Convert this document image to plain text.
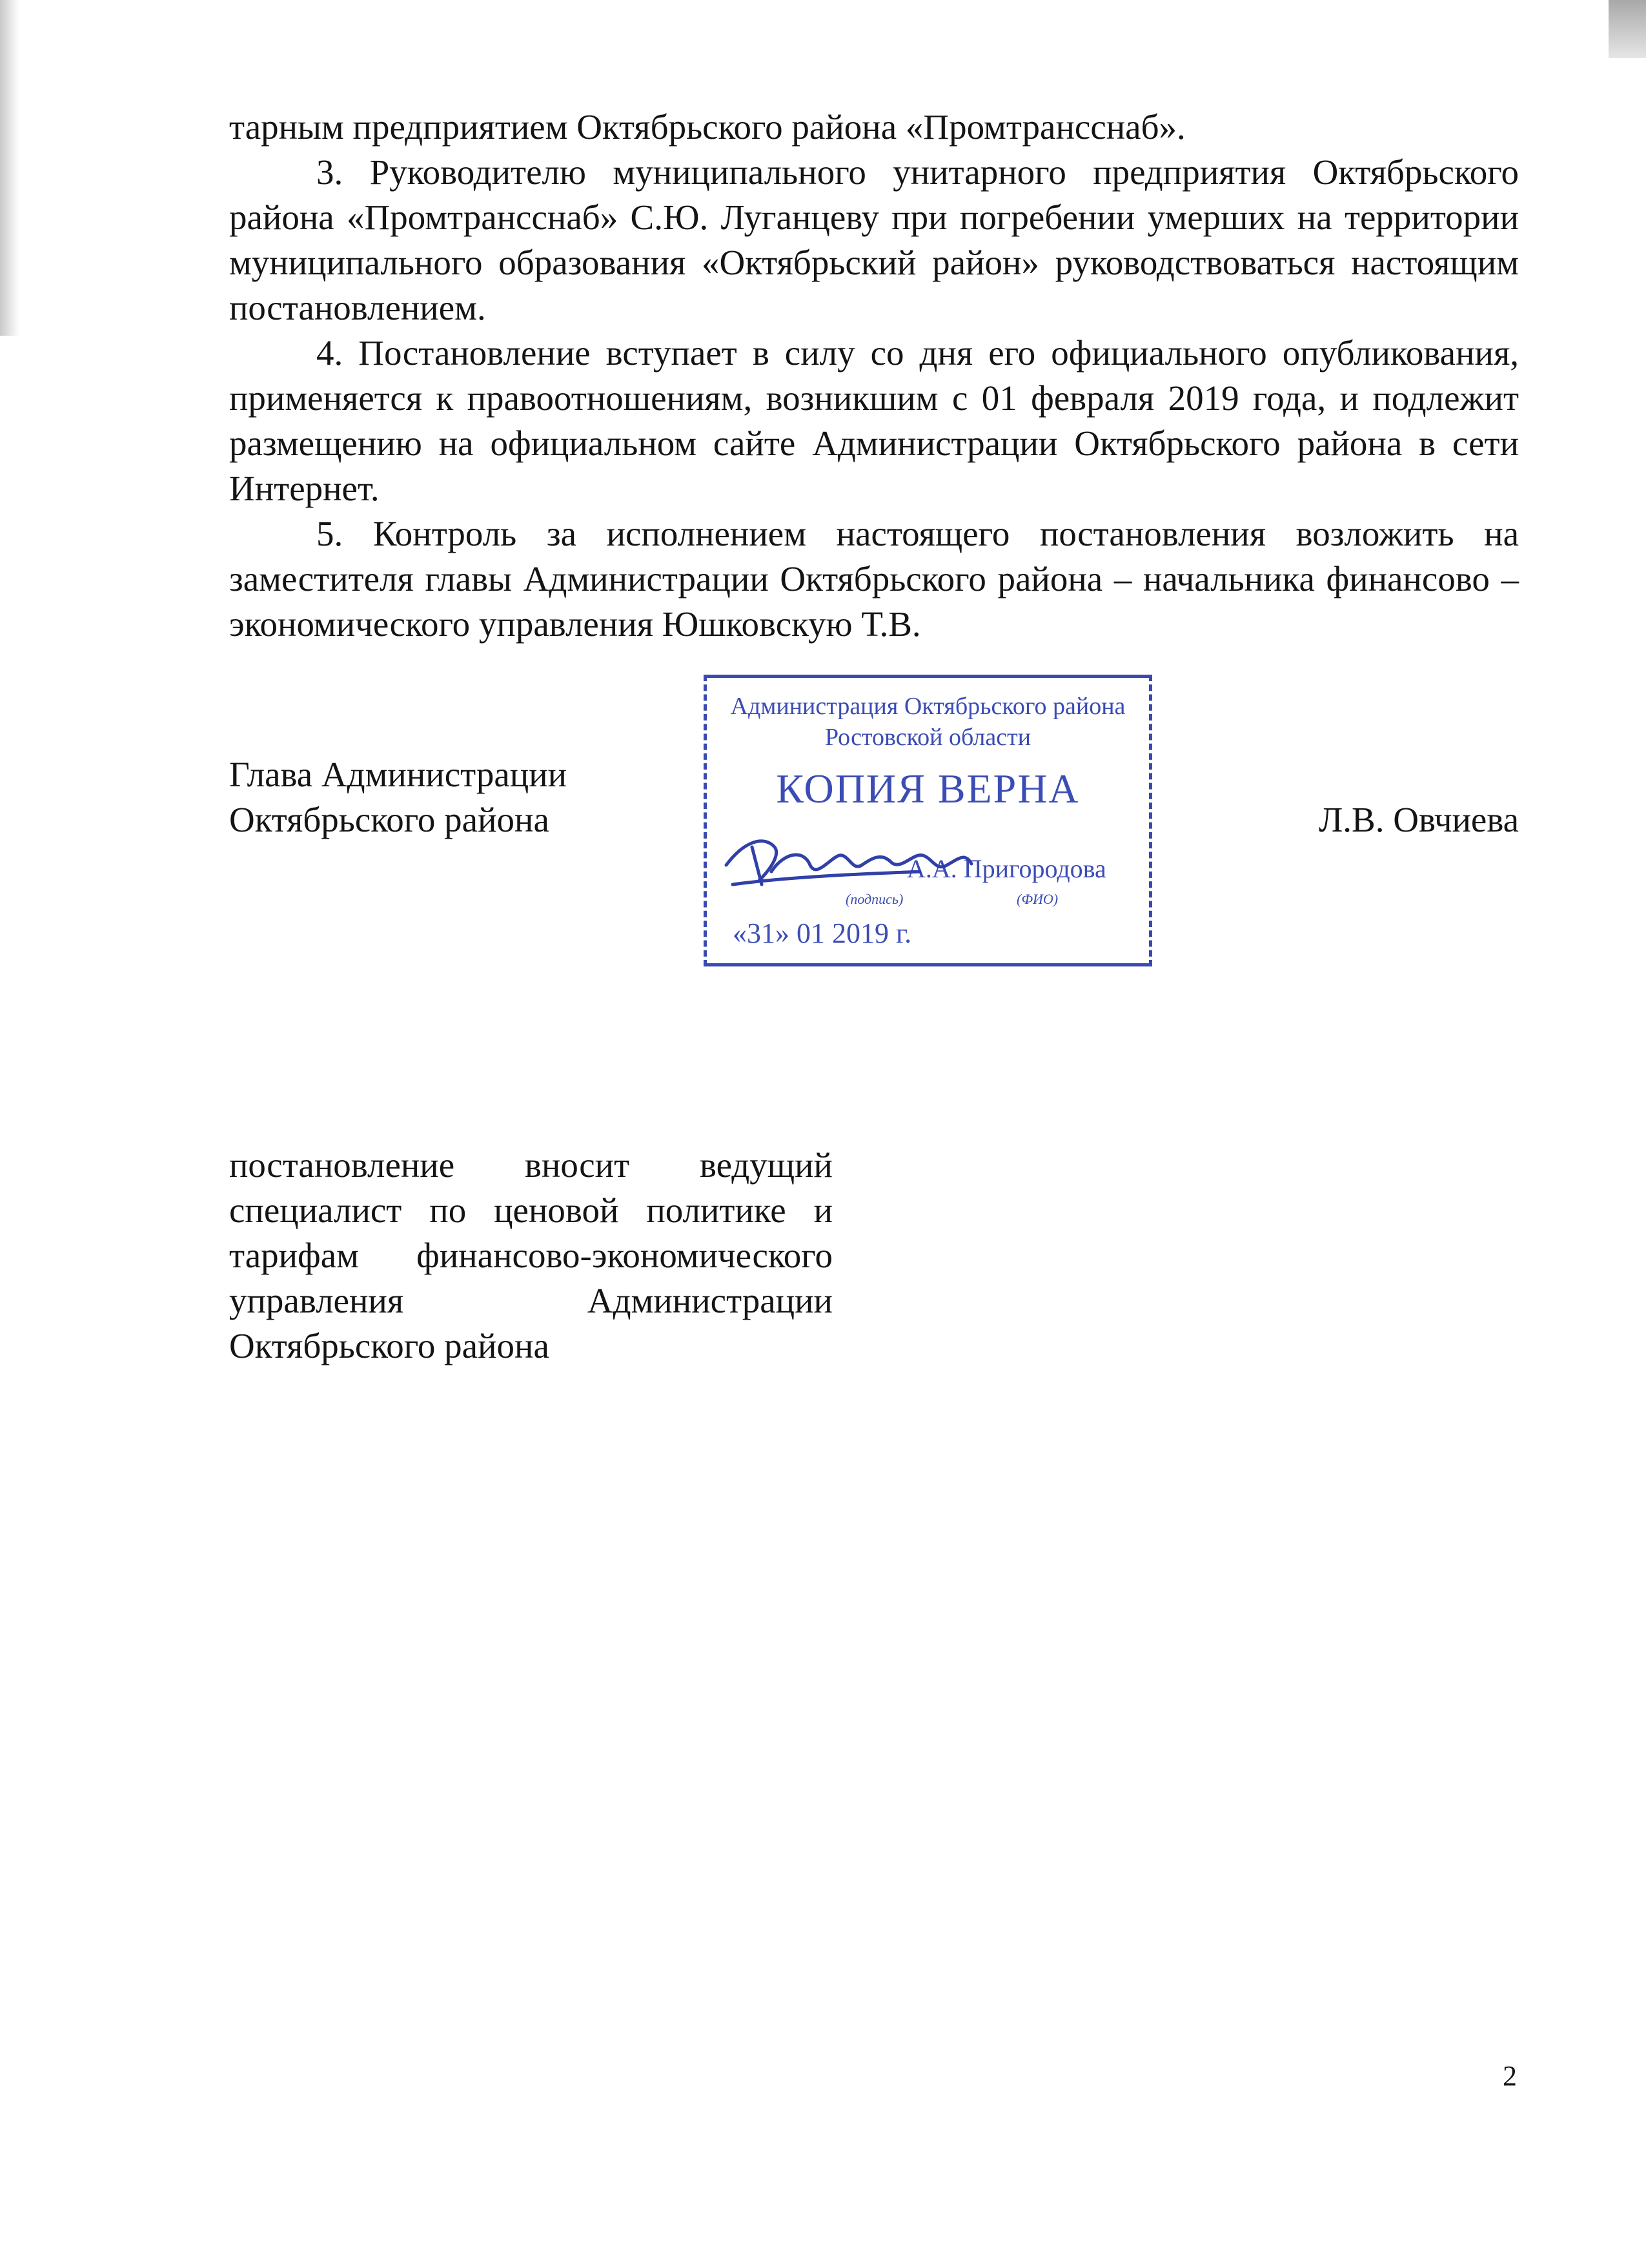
тарным предприятием Октябрьского района «Промтрансснаб».

3. Руководителю муниципального унитарного предприятия Октябрьского района «Промтрансснаб» С.Ю. Луганцеву при погребении умерших на территории муниципального образования «Октябрьский район» руководствоваться настоящим постановлением.

4. Постановление вступает в силу со дня его официального опубликования, применяется к правоотношениям, возникшим с 01 февраля 2019 года, и подлежит размещению на официальном сайте Администрации Октябрьского района в сети Интернет.

5. Контроль за исполнением настоящего постановления возложить на заместителя главы Администрации Октябрьского района – начальника финансово – экономического управления Юшковскую Т.В.

Глава Администрации Октябрьского района	Л.В. Овчиева
Администрация Октябрьского района Ростовской области
КОПИЯ ВЕРНА
А.А. Пригородова
(подпись)	(ФИО)
«31» 01 2019 г.

постановление вносит ведущий специалист по ценовой политике и тарифам финансово-экономического управления Администрации Октябрьского района

2
